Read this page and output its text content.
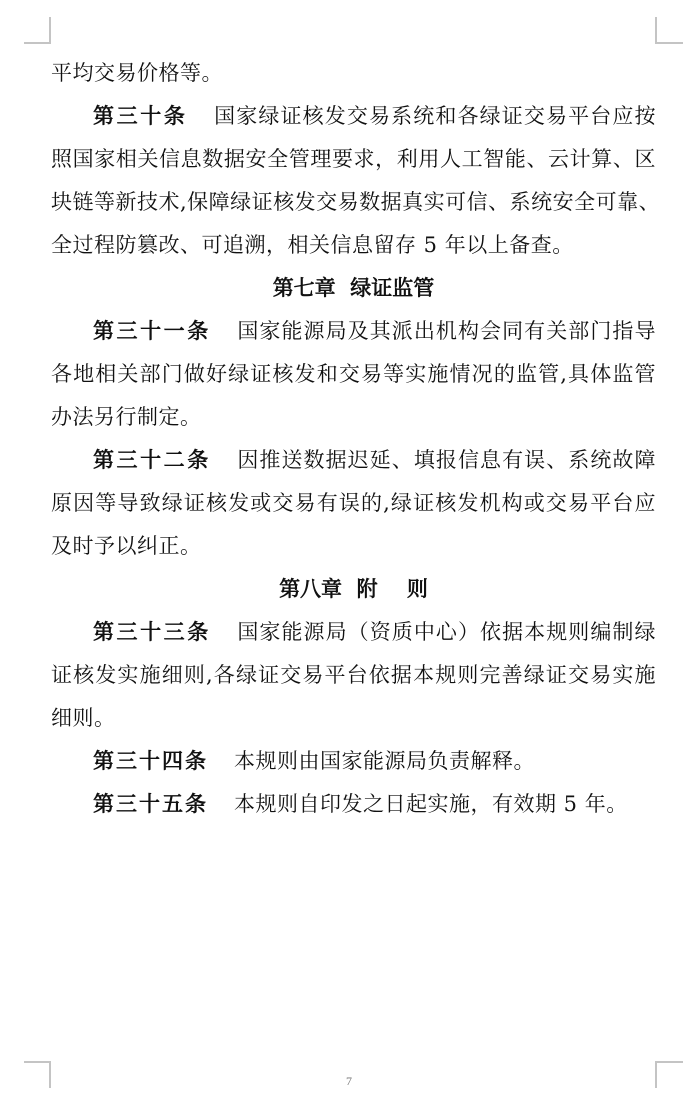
平均交易价格等。
第三十条 国家绿证核发交易系统和各绿证交易平台应按
照国家相关信息数据安全管理要求，利用人工智能、云计算、区
块链等新技术,保障绿证核发交易数据真实可信、系统安全可靠、
全过程防篡改、可追溯，相关信息留存 5 年以上备查。
第七章  绿证监管
第三十一条 国家能源局及其派出机构会同有关部门指导
各地相关部门做好绿证核发和交易等实施情况的监管,具体监管
办法另行制定。
第三十二条 因推送数据迟延、填报信息有误、系统故障
原因等导致绿证核发或交易有误的,绿证核发机构或交易平台应
及时予以纠正。
第八章  附    则
第三十三条 国家能源局（资质中心）依据本规则编制绿
证核发实施细则,各绿证交易平台依据本规则完善绿证交易实施
细则。
第三十四条 本规则由国家能源局负责解释。
第三十五条 本规则自印发之日起实施，有效期 5 年。
7
